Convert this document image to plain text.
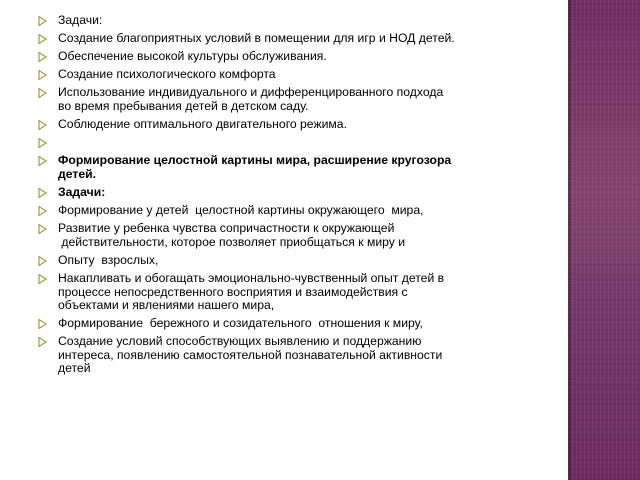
Задачи:
Создание благоприятных условий в помещении для игр и НОД детей.
Обеспечение высокой культуры обслуживания.
Создание психологического комфорта
Использование индивидуального и дифференцированного подхода
во время пребывания детей в детском саду.
Соблюдение оптимального двигательного режима.
Формирование целостной картины мира, расширение кругозора
детей.
Задачи:
Формирование у детей  целостной картины окружающего  мира,
Развитие у ребенка чувства сопричастности к окружающей
действительности, которое позволяет приобщаться к миру и
Опыту  взрослых,
Накапливать и обогащать эмоционально-чувственный опыт детей в
процессе непосредственного восприятия и взаимодействия с
объектами и явлениями нашего мира,
Формирование  бережного и созидательного  отношения к миру,
Создание условий способствующих выявлению и поддержанию
интереса, появлению самостоятельной познавательной активности
детей
